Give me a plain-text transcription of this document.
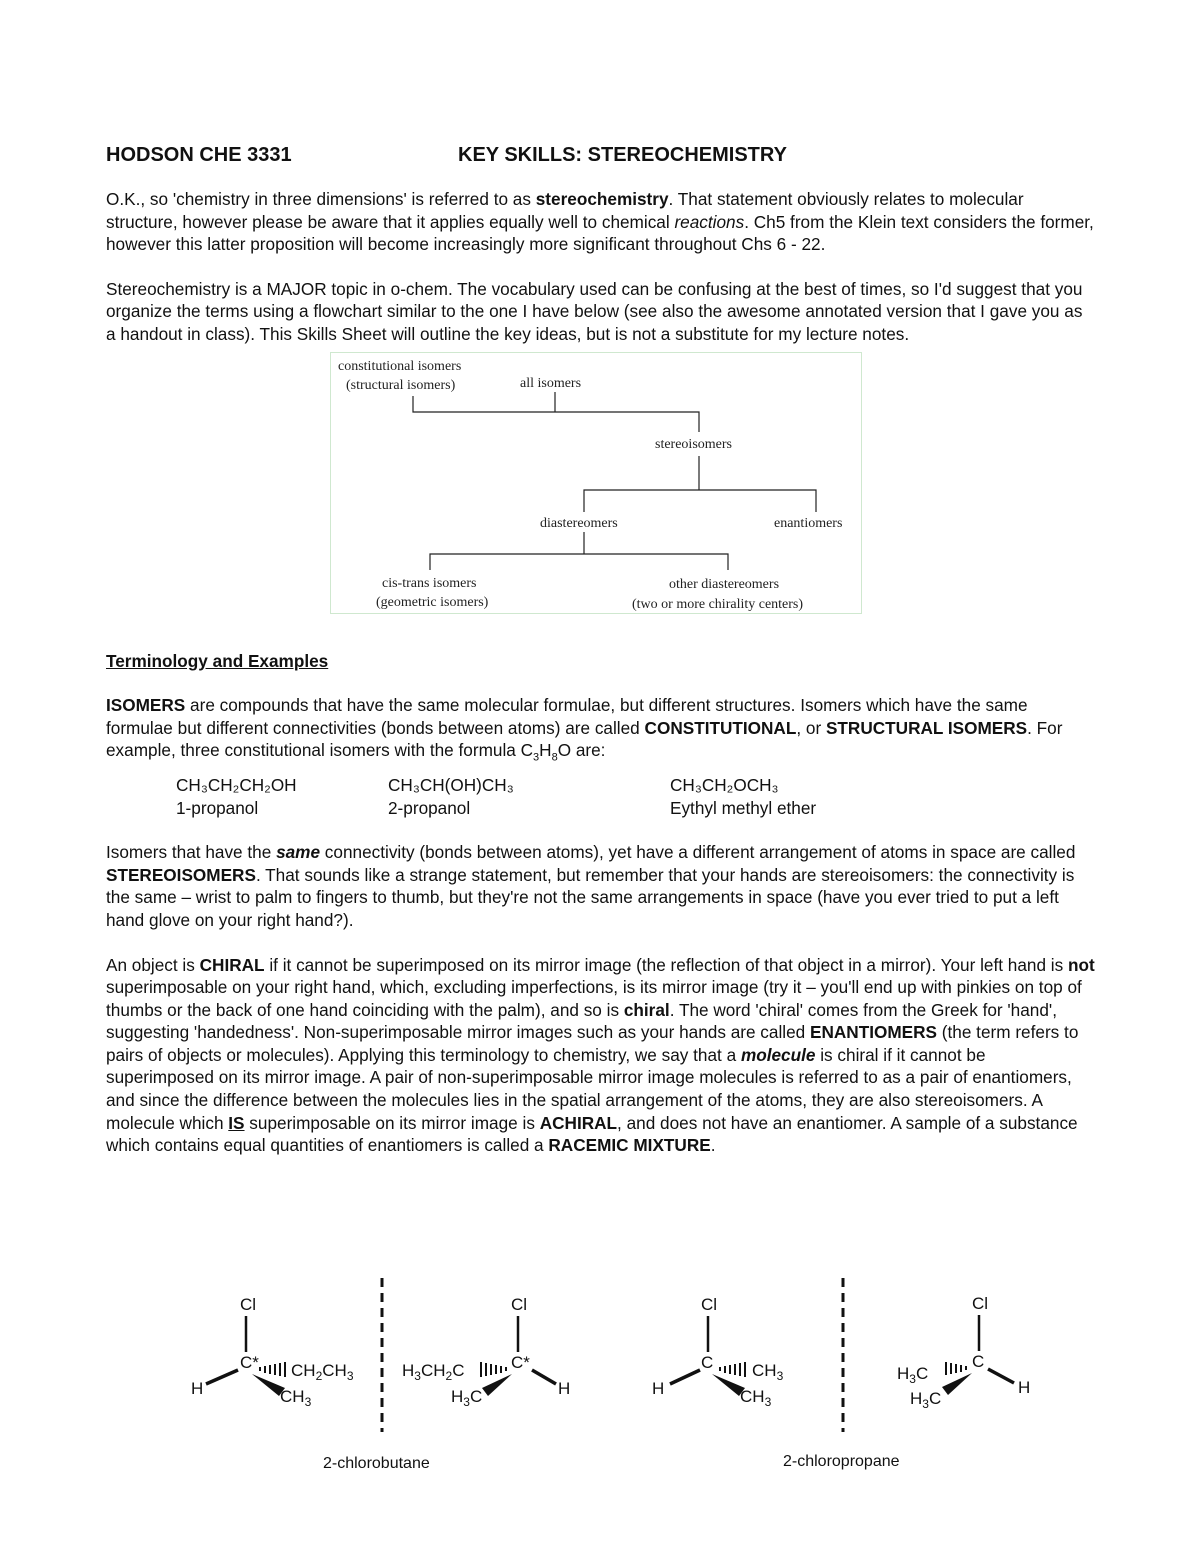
HODSON CHE 3331	KEY SKILLS: STEREOCHEMISTRY

O.K., so 'chemistry in three dimensions' is referred to as stereochemistry. That statement obviously relates to molecular structure, however please be aware that it applies equally well to chemical reactions. Ch5 from the Klein text considers the former, however this latter proposition will become increasingly more significant throughout Chs 6 - 22.

Stereochemistry is a MAJOR topic in o-chem. The vocabulary used can be confusing at the best of times, so I'd suggest that you organize the terms using a flowchart similar to the one I have below (see also the awesome annotated version that I gave you as a handout in class). This Skills Sheet will outline the key ideas, but is not a substitute for my lecture notes.

constitutional isomers
(structural isomers)	all isomers
stereoisomers
diastereomers	enantiomers
cis-trans isomers
(geometric isomers)
other diastereomers
(two or more chirality centers)
Terminology and Examples

ISOMERS are compounds that have the same molecular formulae, but different structures. Isomers which have the same formulae but different connectivities (bonds between atoms) are called CONSTITUTIONAL, or STRUCTURAL ISOMERS. For example, three constitutional isomers with the formula $C_3H_8O$ are:

CH₃CH₂CH₂OH	CH₃CH(OH)CH₃	CH₃CH₂OCH₃
1-propanol	2-propanol	Eythyl methyl ether

Isomers that have the same connectivity (bonds between atoms), yet have a different arrangement of atoms in space are called STEREOISOMERS. That sounds like a strange statement, but remember that your hands are stereoisomers: the connectivity is the same – wrist to palm to fingers to thumb, but they're not the same arrangements in space (have you ever tried to put a left hand glove on your right hand?).

An object is CHIRAL if it cannot be superimposed on its mirror image (the reflection of that object in a mirror). Your left hand is not superimposable on your right hand, which, excluding imperfections, is its mirror image (try it – you'll end up with pinkies on top of thumbs or the back of one hand coinciding with the palm), and so is chiral. The word 'chiral' comes from the Greek for 'hand', suggesting 'handedness'. Non-superimposable mirror images such as your hands are called ENANTIOMERS (the term refers to pairs of objects or molecules). Applying this terminology to chemistry, we say that a molecule is chiral if it cannot be superimposed on its mirror image. A pair of non-superimposable mirror image molecules is referred to as a pair of enantiomers, and since the difference between the molecules lies in the spatial arrangement of the atoms, they are also stereoisomers. A molecule which IS superimposable on its mirror image is ACHIRAL, and does not have an enantiomer. A sample of a substance which contains equal quantities of enantiomers is called a RACEMIC MIXTURE.

Cl
C*
H
$CH_2CH_3$
$CH_3$
Cl
C*
H
$H_3CH_2C$
$H_3C$
Cl
C
H
$CH_3$
$CH_3$
Cl
C
H
$H_3C$
$H_3C$
2-chlorobutane	2-chloropropane
